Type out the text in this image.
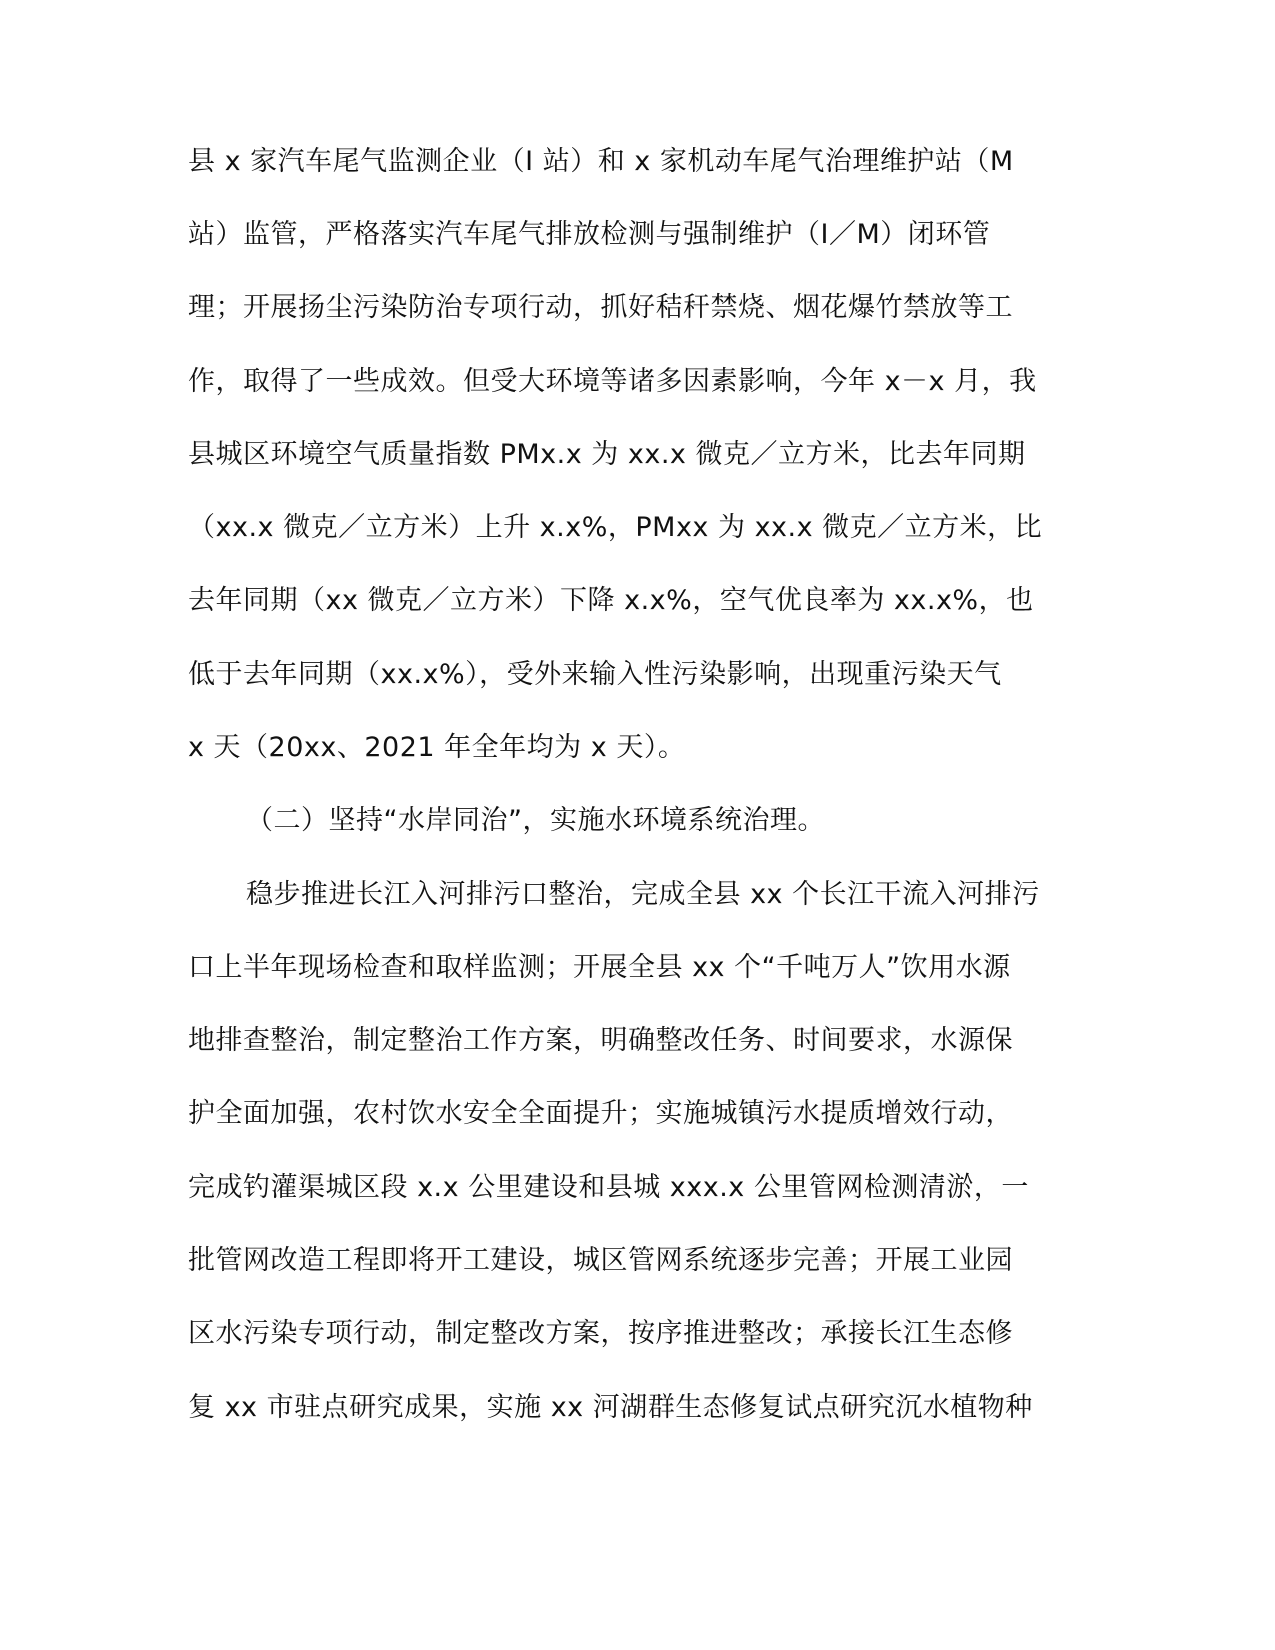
县 x 家汽车尾气监测企业（I 站）和 x 家机动车尾气治理维护站（M
站）监管，严格落实汽车尾气排放检测与强制维护（I／M）闭环管
理；开展扬尘污染防治专项行动，抓好秸秆禁烧、烟花爆竹禁放等工
作，取得了一些成效。但受大环境等诸多因素影响，今年 x－x 月，我
县城区环境空气质量指数 PMx.x 为 xx.x 微克／立方米，比去年同期
（xx.x 微克／立方米）上升 x.x%，PMxx 为 xx.x 微克／立方米，比
去年同期（xx 微克／立方米）下降 x.x%，空气优良率为 xx.x%，也
低于去年同期（xx.x%），受外来输入性污染影响，出现重污染天气
x 天（20xx、2021 年全年均为 x 天）。
（二）坚持“水岸同治”，实施水环境系统治理。
稳步推进长江入河排污口整治，完成全县 xx 个长江干流入河排污
口上半年现场检查和取样监测；开展全县 xx 个“千吨万人”饮用水源
地排查整治，制定整治工作方案，明确整改任务、时间要求，水源保
护全面加强，农村饮水安全全面提升；实施城镇污水提质增效行动，
完成钓灌渠城区段 x.x 公里建设和县城 xxx.x 公里管网检测清淤，一
批管网改造工程即将开工建设，城区管网系统逐步完善；开展工业园
区水污染专项行动，制定整改方案，按序推进整改；承接长江生态修
复 xx 市驻点研究成果，实施 xx 河湖群生态修复试点研究沉水植物种
